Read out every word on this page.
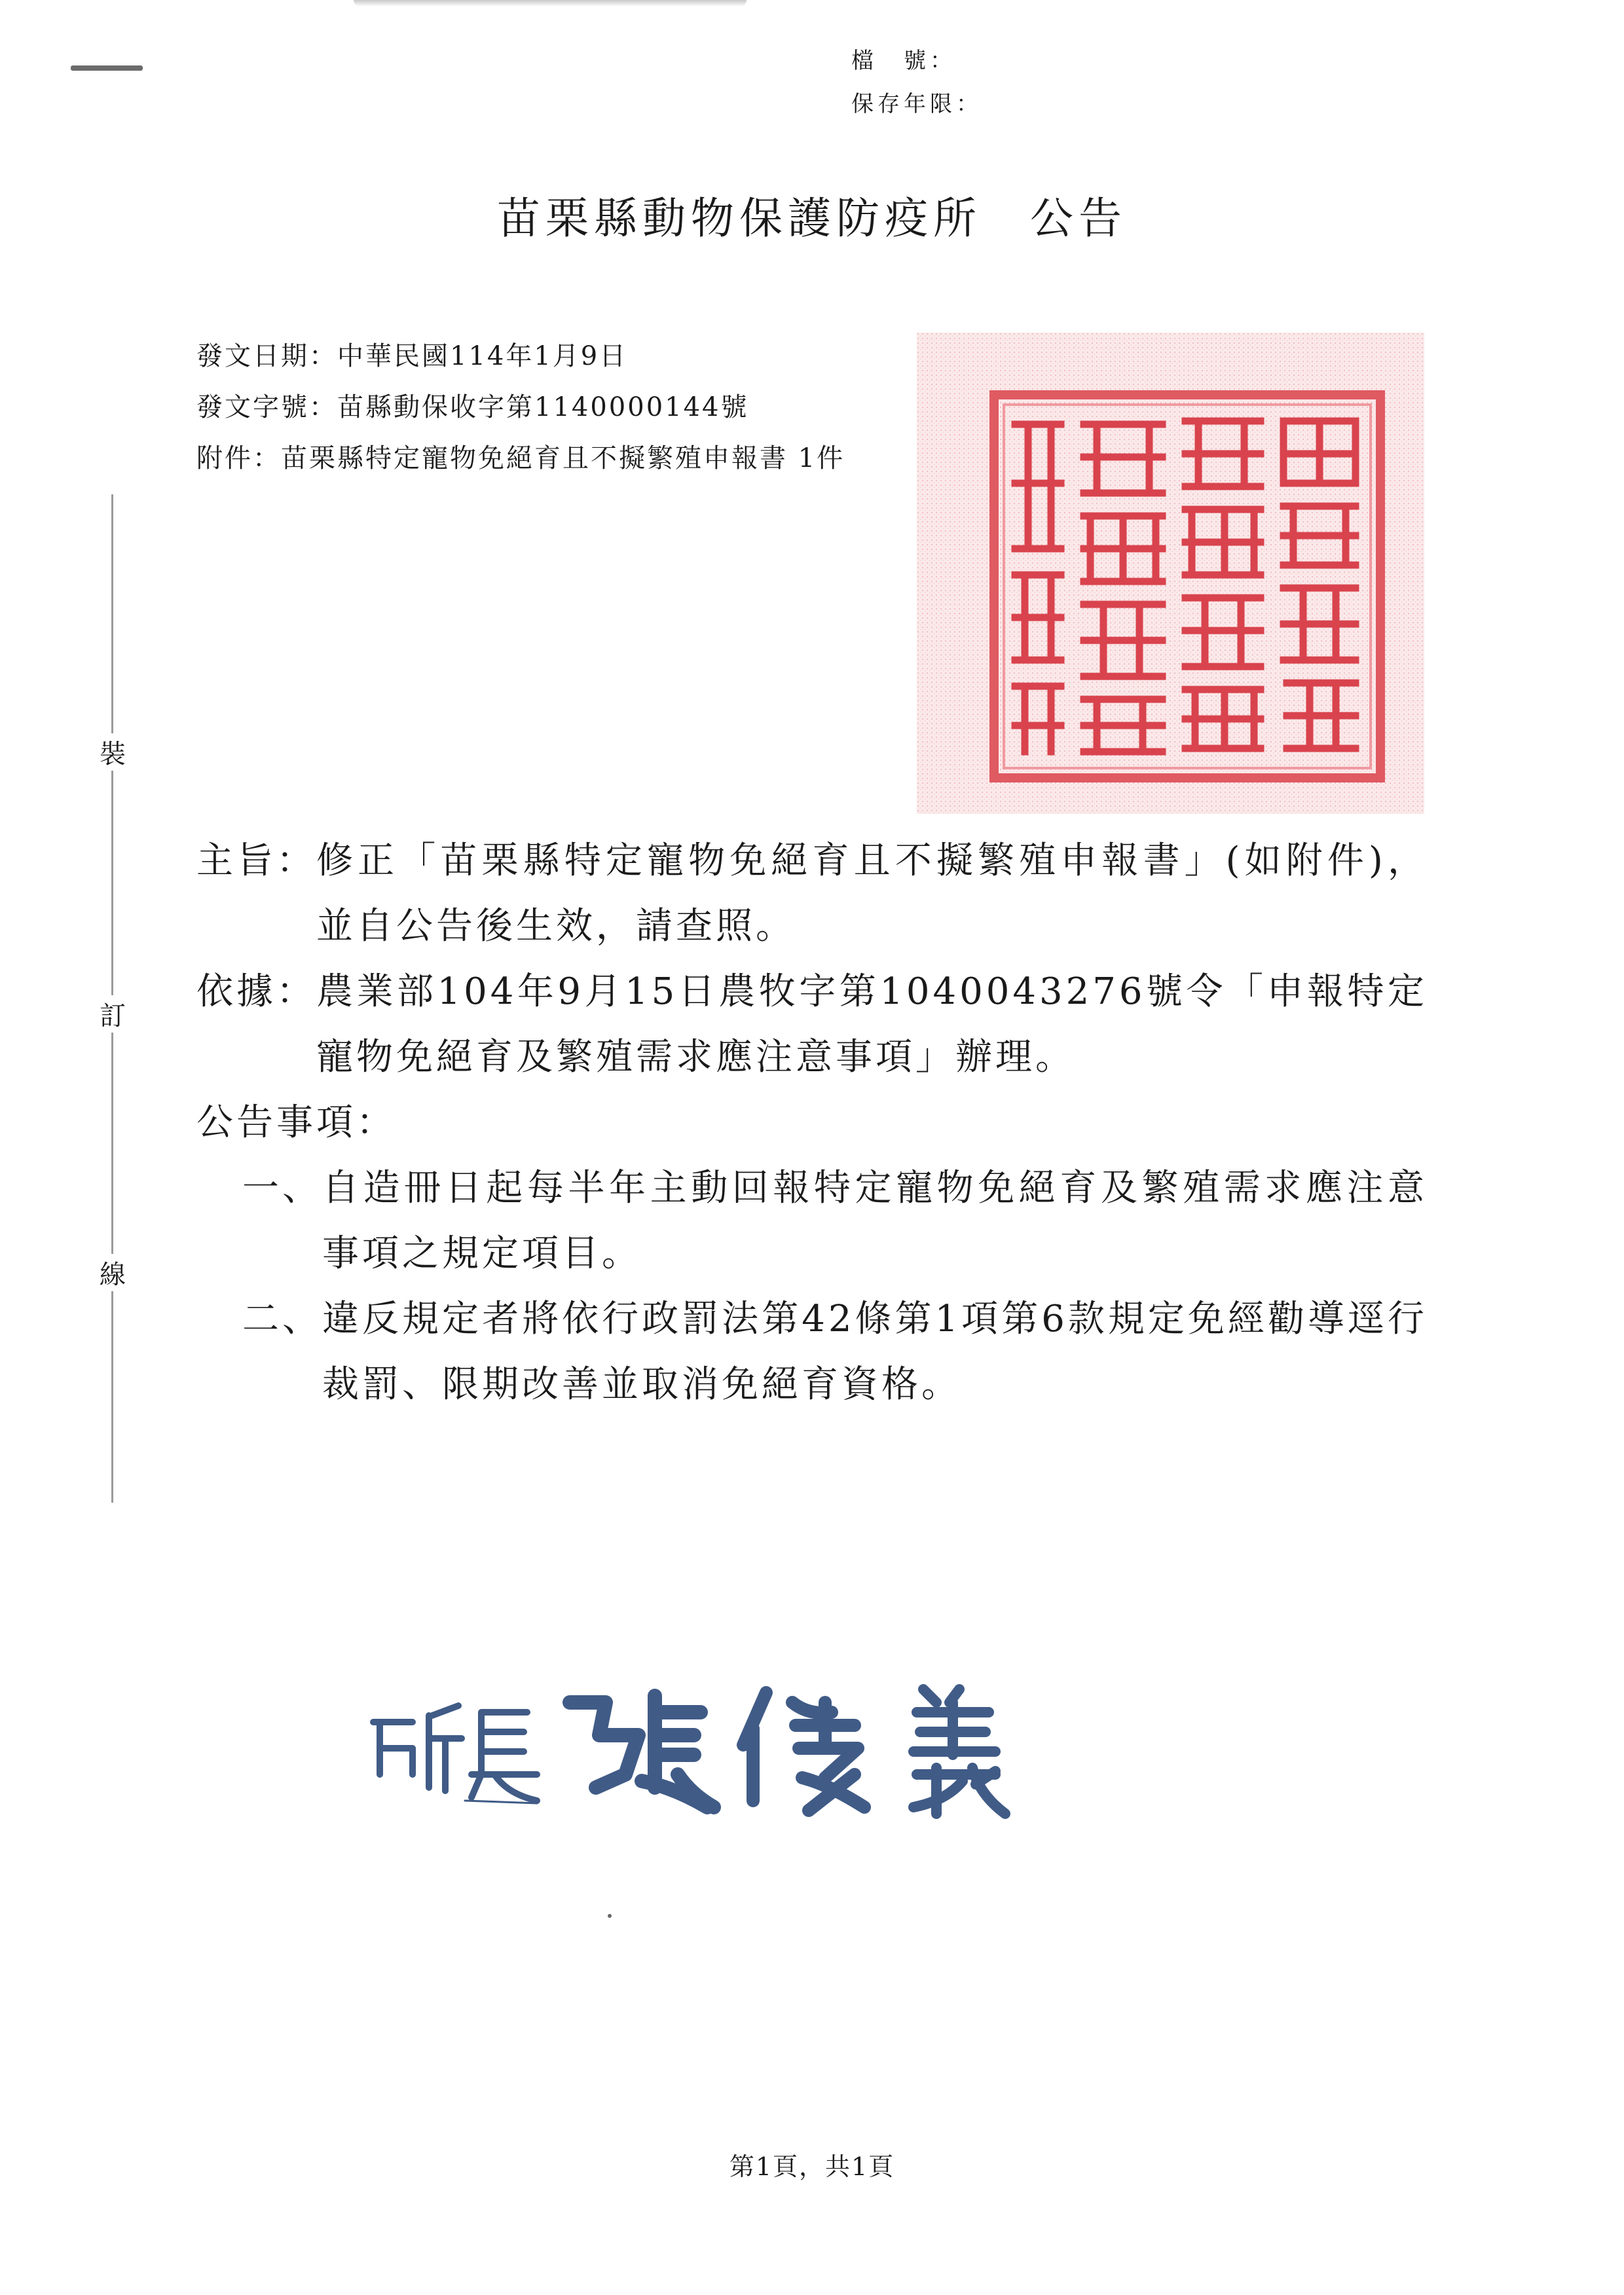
檔　號：
保存年限：
苗栗縣動物保護防疫所　公告
發文日期：中華民國114年1月9日
發文字號：苗縣動保收字第1140000144號
附件：苗栗縣特定寵物免絕育且不擬繁殖申報書 1件
裝
訂
線
主旨： 修正「苗栗縣特定寵物免絕育且不擬繁殖申報書」(如附件)，並自公告後生效，請查照。
依據： 農業部104年9月15日農牧字第1040043276號令「申報特定寵物免絕育及繁殖需求應注意事項」辦理。
公告事項：
一、 自造冊日起每半年主動回報特定寵物免絕育及繁殖需求應注意事項之規定項目。
二、 違反規定者將依行政罰法第42條第1項第6款規定免經勸導逕行裁罰、限期改善並取消免絕育資格。
第1頁，共1頁
